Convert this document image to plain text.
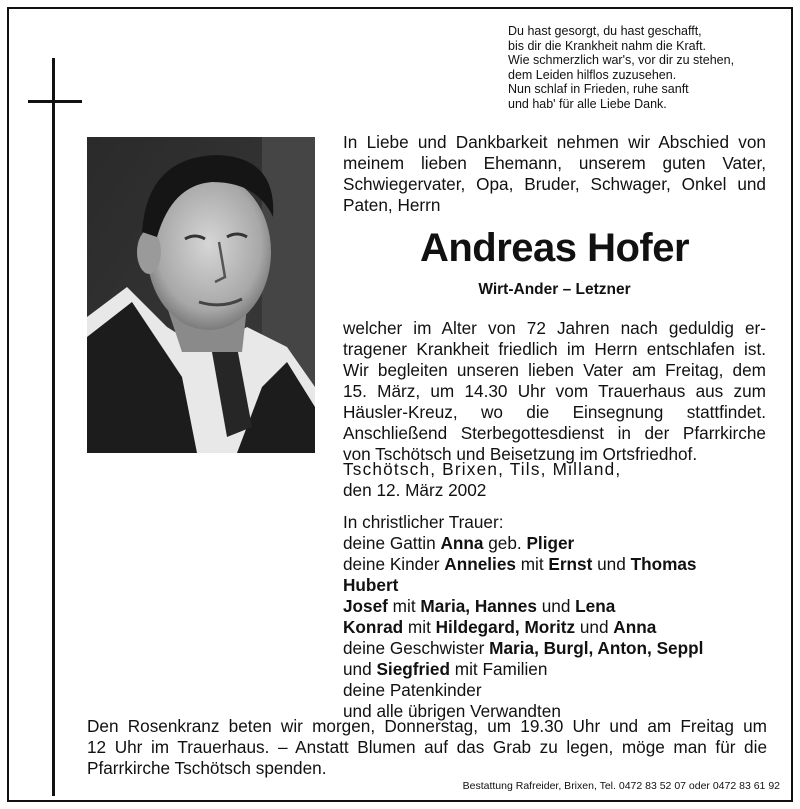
Du hast gesorgt, du hast geschafft,
bis dir die Krankheit nahm die Kraft.
Wie schmerzlich war's, vor dir zu stehen,
dem Leiden hilflos zuzusehen.
Nun schlaf in Frieden, ruhe sanft
und hab' für alle Liebe Dank.
In Liebe und Dankbarkeit nehmen wir Abschied von
meinem lieben Ehemann, unserem guten Vater,
Schwiegervater, Opa, Bruder, Schwager, Onkel und
Paten, Herrn
Andreas Hofer
Wirt-Ander – Letzner
welcher im Alter von 72 Jahren nach geduldig er-
tragener Krankheit friedlich im Herrn entschlafen ist.
Wir begleiten unseren lieben Vater am Freitag, dem
15. März, um 14.30 Uhr vom Trauerhaus aus zum
Häusler-Kreuz, wo die Einsegnung stattfindet.
Anschließend Sterbegottesdienst in der Pfarrkirche
von Tschötsch und Beisetzung im Ortsfriedhof.
Tschötsch, Brixen, Tils, Milland,
den 12. März 2002
In christlicher Trauer:
deine Gattin Anna geb. Pliger
deine Kinder Annelies mit Ernst und Thomas
Hubert
Josef mit Maria, Hannes und Lena
Konrad mit Hildegard, Moritz und Anna
deine Geschwister Maria, Burgl, Anton, Seppl
und Siegfried mit Familien
deine Patenkinder
und alle übrigen Verwandten
Den Rosenkranz beten wir morgen, Donnerstag, um 19.30 Uhr und am Freitag um
12 Uhr im Trauerhaus. – Anstatt Blumen auf das Grab zu legen, möge man für die
Pfarrkirche Tschötsch spenden.
Bestattung Rafreider, Brixen, Tel. 0472 83 52 07 oder 0472 83 61 92
